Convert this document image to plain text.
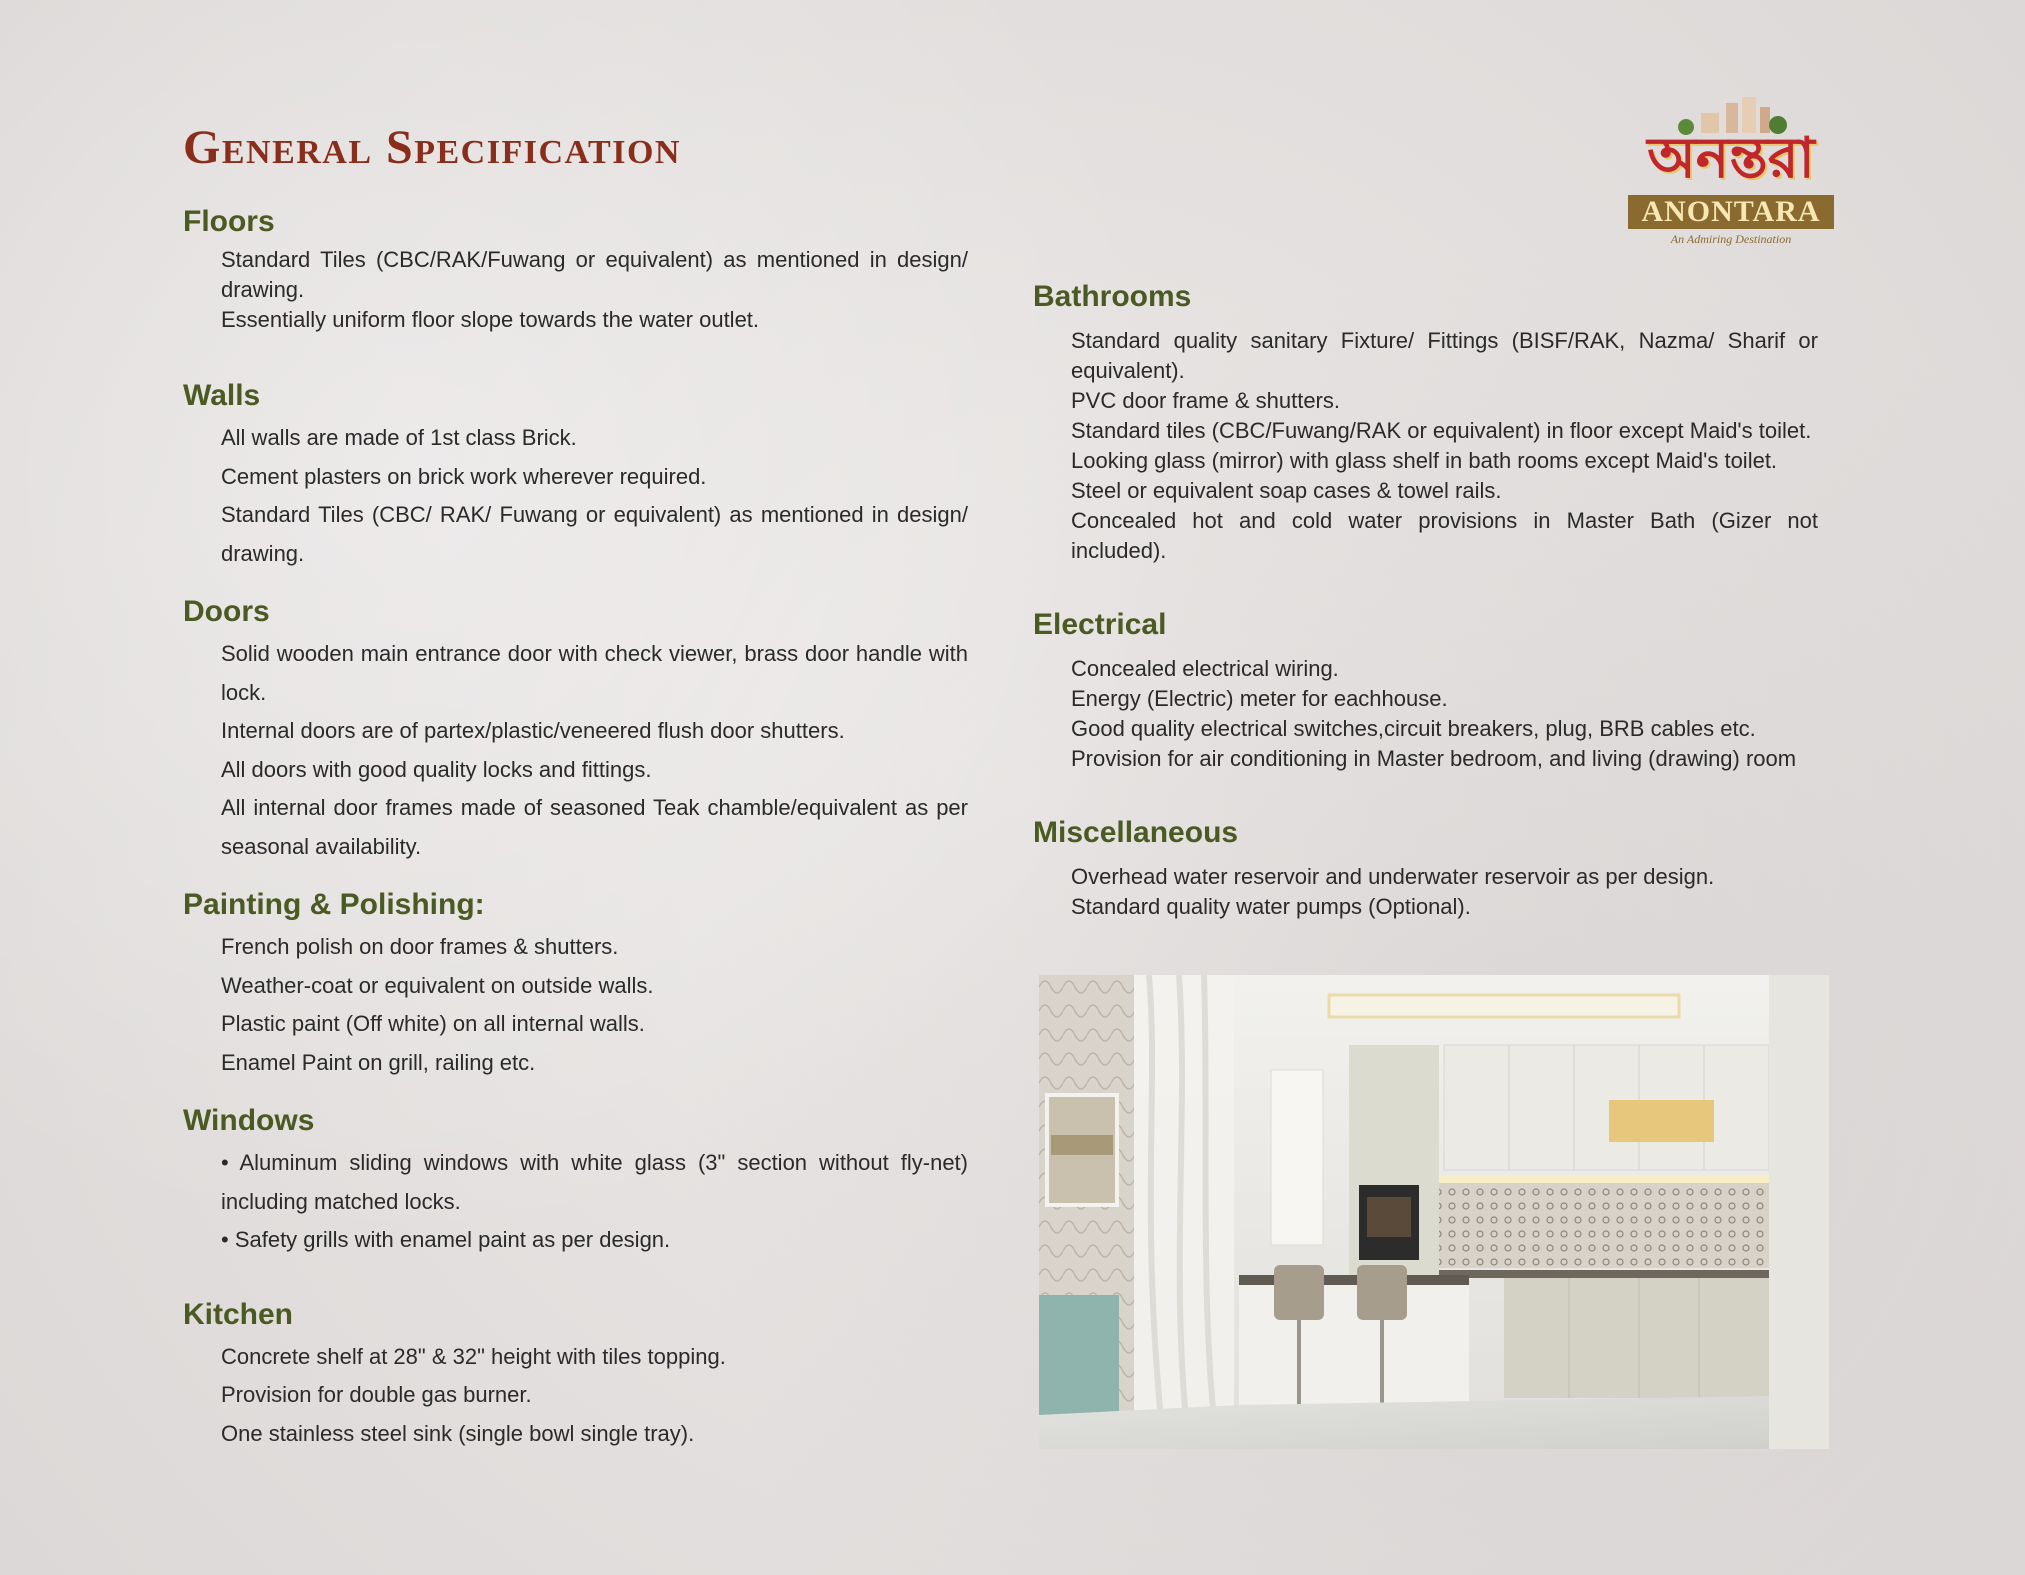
General Specification	অনন্তরা
ANONTARA
An Admiring Destination
Floors
Standard Tiles (CBC/RAK/Fuwang or equivalent) as mentioned in design/ drawing.
Essentially uniform floor slope towards the water outlet.
Walls
All walls are made of 1st class Brick.
Cement plasters on brick work wherever required.
Standard Tiles (CBC/ RAK/ Fuwang or equivalent) as mentioned in design/ drawing.
Doors
Solid wooden main entrance door with check viewer, brass door handle with lock.
Internal doors are of partex/plastic/veneered flush door shutters.
All doors with good quality locks and fittings.
All internal door frames made of seasoned Teak chamble/equivalent as per seasonal availability.
Painting & Polishing:
French polish on door frames & shutters.
Weather-coat or equivalent on outside walls.
Plastic paint (Off white) on all internal walls.
Enamel Paint on grill, railing etc.
Windows
• Aluminum sliding windows with white glass (3" section without fly-net) including matched locks.
• Safety grills with enamel paint as per design.
Kitchen
Concrete shelf at 28" & 32" height with tiles topping.
Provision for double gas burner.
One stainless steel sink (single bowl single tray).
Bathrooms
Standard quality sanitary Fixture/ Fittings (BISF/RAK, Nazma/ Sharif or equivalent).
PVC door frame & shutters.
Standard tiles (CBC/Fuwang/RAK or equivalent) in floor except Maid's toilet.
Looking glass (mirror) with glass shelf in bath rooms except Maid's toilet.
Steel or equivalent soap cases & towel rails.
Concealed hot and cold water provisions in Master Bath (Gizer not included).
Electrical
Concealed electrical wiring.
Energy (Electric) meter for eachhouse.
Good quality electrical switches,circuit breakers, plug, BRB cables etc.
Provision for air conditioning in Master bedroom, and living (drawing) room
Miscellaneous
Overhead water reservoir and underwater reservoir as per design.
Standard quality water pumps (Optional).
